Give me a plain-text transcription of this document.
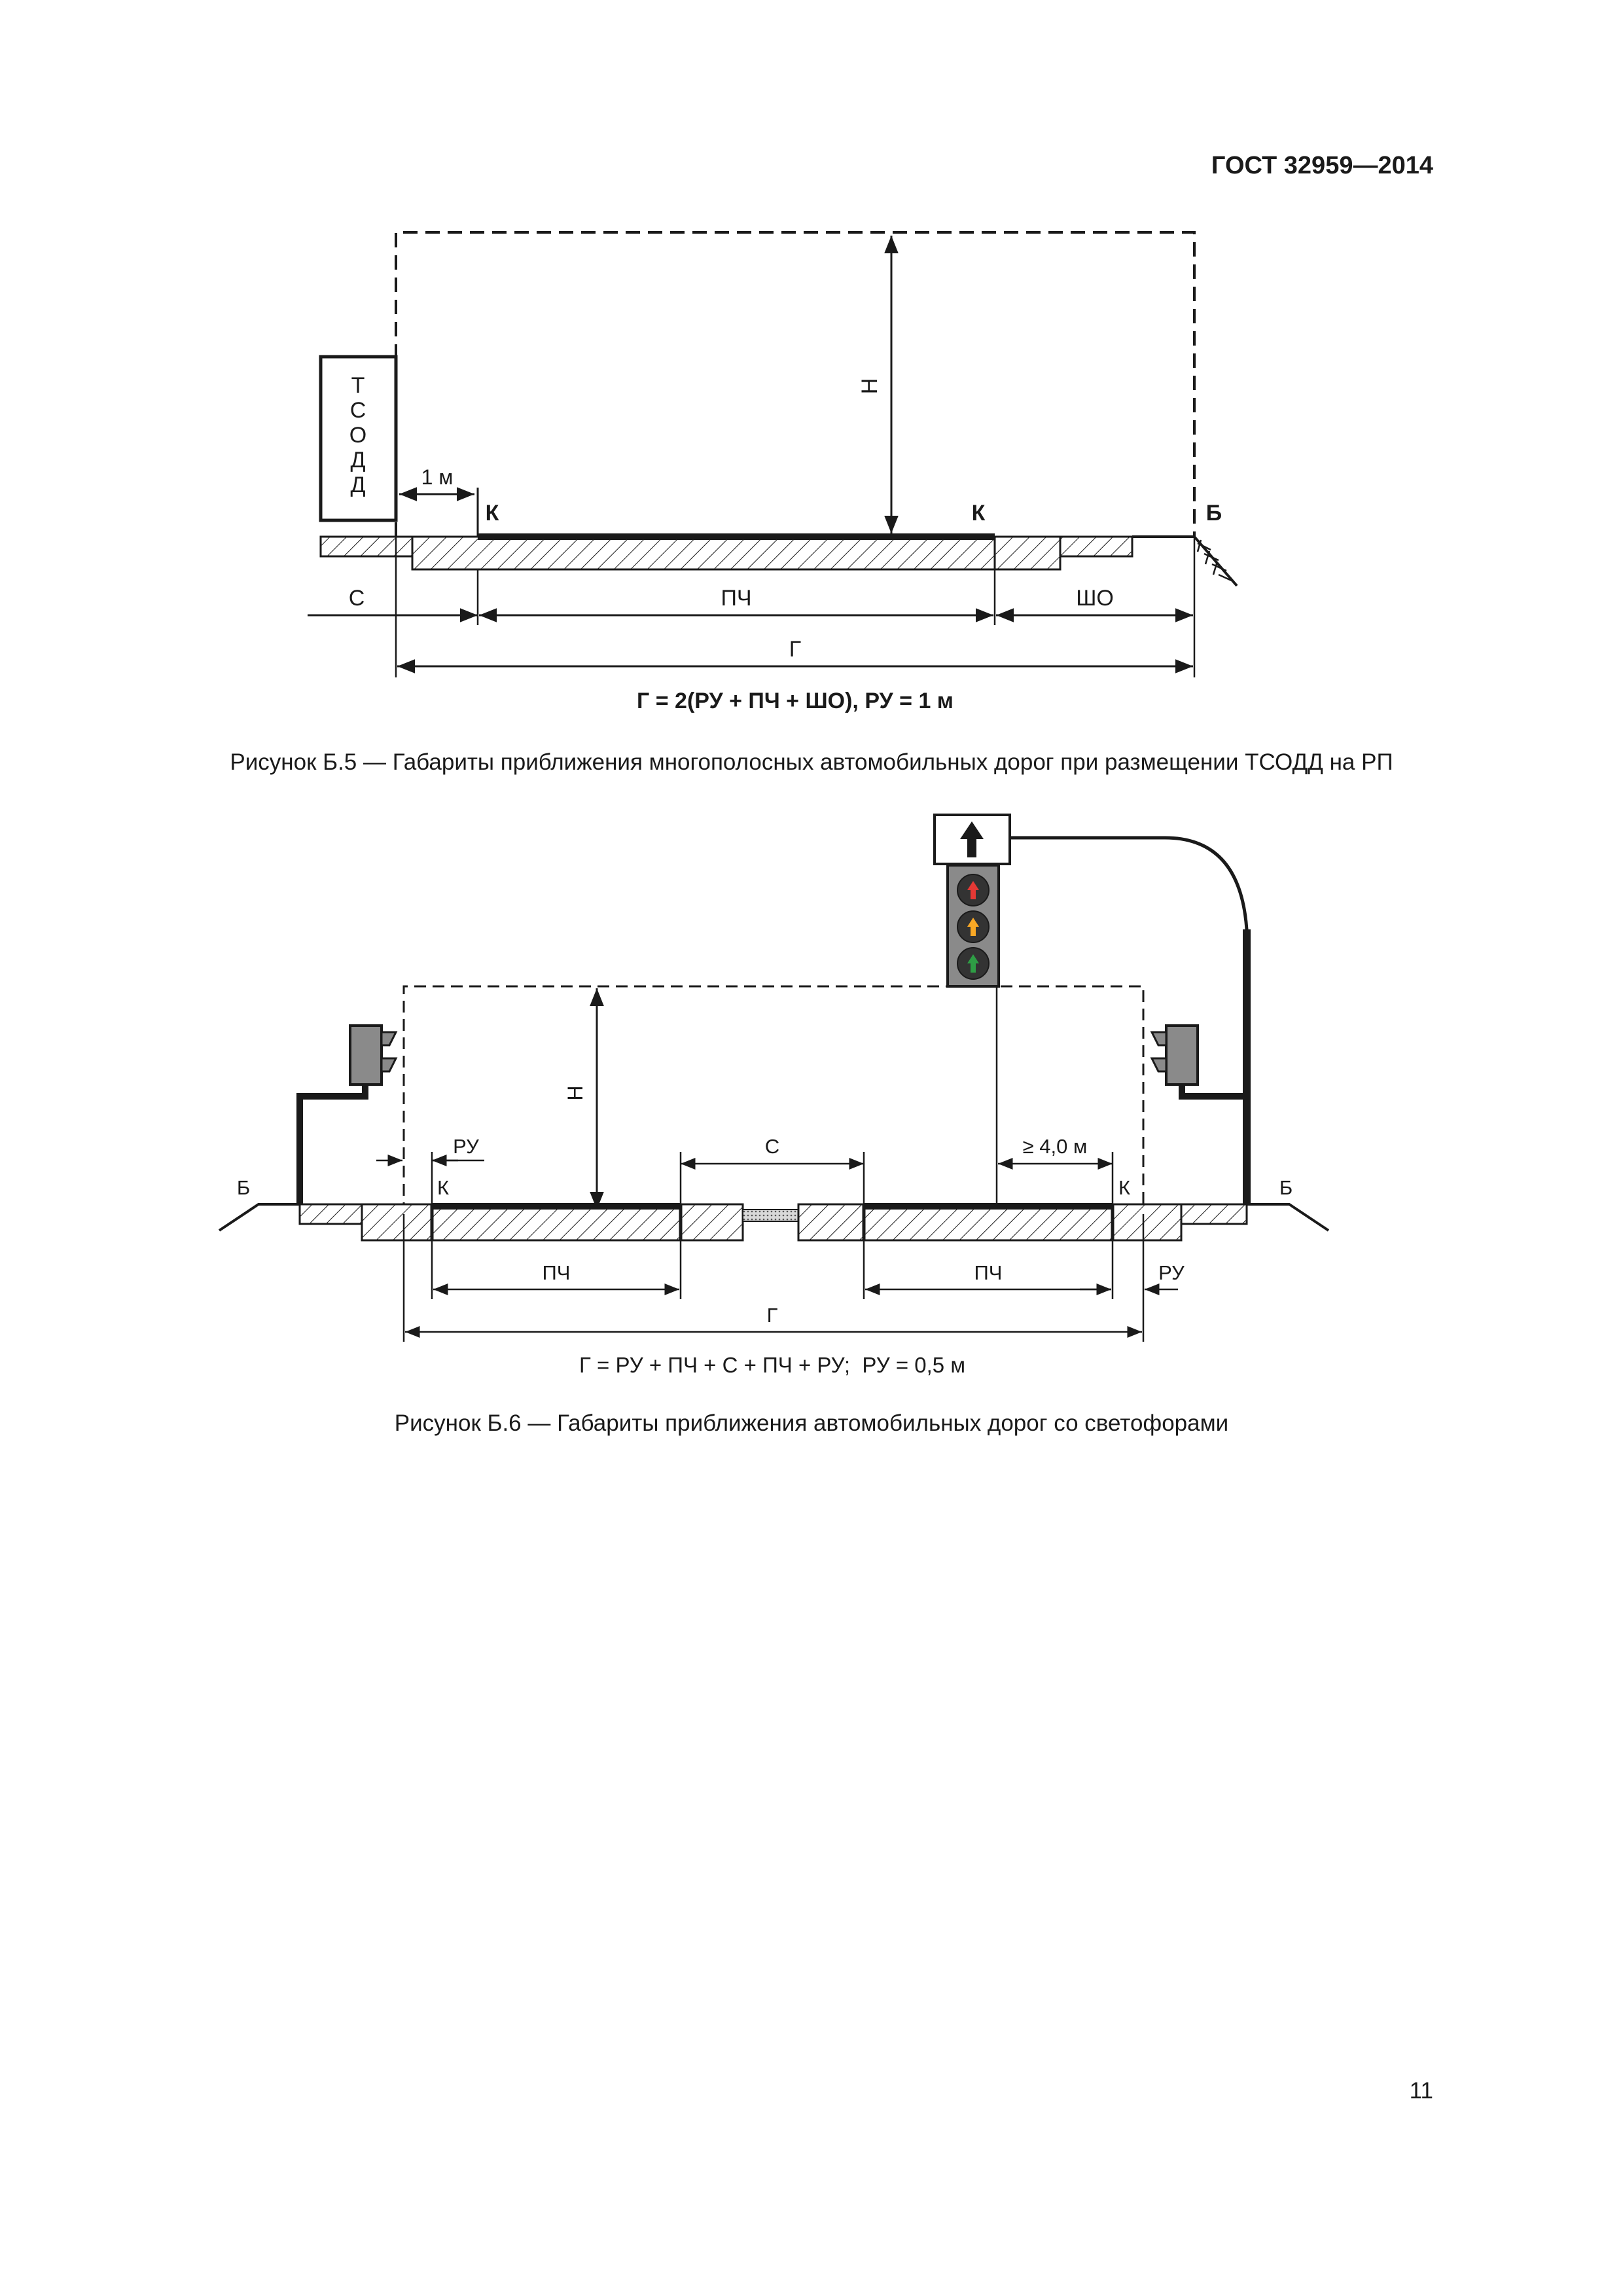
ГОСТ 32959—2014
Т
С
О
Д
Д	1 м
К	К	Б
Н
С	ПЧ	ШО
Г
Г = 2(РУ + ПЧ + ШО), РУ = 1 м
Рисунок Б.5 — Габариты приближения многополосных автомобильных дорог при размещении ТСОДД на РП
Н
РУ	С	≥ 4,0 м
К	К
Б	Б
ПЧ	ПЧ	РУ
Г
Г = РУ + ПЧ + С + ПЧ + РУ;  РУ = 0,5 м
Рисунок Б.6 — Габариты приближения автомобильных дорог со светофорами
11
